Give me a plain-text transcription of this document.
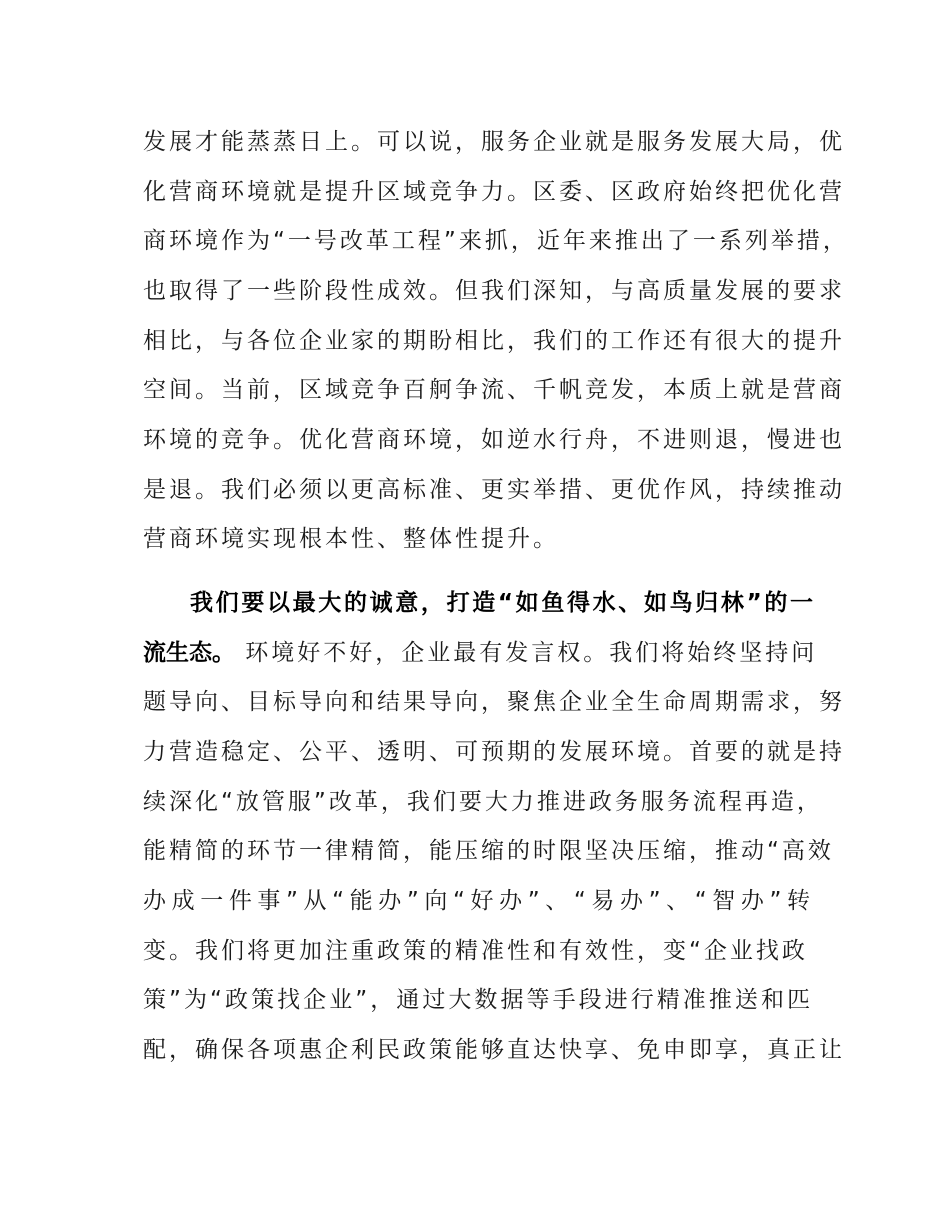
发展才能蒸蒸日上。可以说，服务企业就是服务发展大局，优
化营商环境就是提升区域竞争力。区委、区政府始终把优化营
商环境作为“一号改革工程”来抓，近年来推出了一系列举措，
也取得了一些阶段性成效。但我们深知，与高质量发展的要求
相比，与各位企业家的期盼相比，我们的工作还有很大的提升
空间。当前，区域竞争百舸争流、千帆竞发，本质上就是营商
环境的竞争。优化营商环境，如逆水行舟，不进则退，慢进也
是退。我们必须以更高标准、更实举措、更优作风，持续推动
营商环境实现根本性、整体性提升。
我们要以最大的诚意，打造“如鱼得水、如鸟归林”的一
流生态。 环境好不好，企业最有发言权。我们将始终坚持问
题导向、目标导向和结果导向，聚焦企业全生命周期需求，努
力营造稳定、公平、透明、可预期的发展环境。首要的就是持
续深化“放管服”改革，我们要大力推进政务服务流程再造，
能精简的环节一律精简，能压缩的时限坚决压缩，推动“高效
办成一件事”从“能办”向“好办”、“易办”、“智办”转
变。我们将更加注重政策的精准性和有效性，变“企业找政
策”为“政策找企业”，通过大数据等手段进行精准推送和匹
配，确保各项惠企利民政策能够直达快享、免申即享，真正让
